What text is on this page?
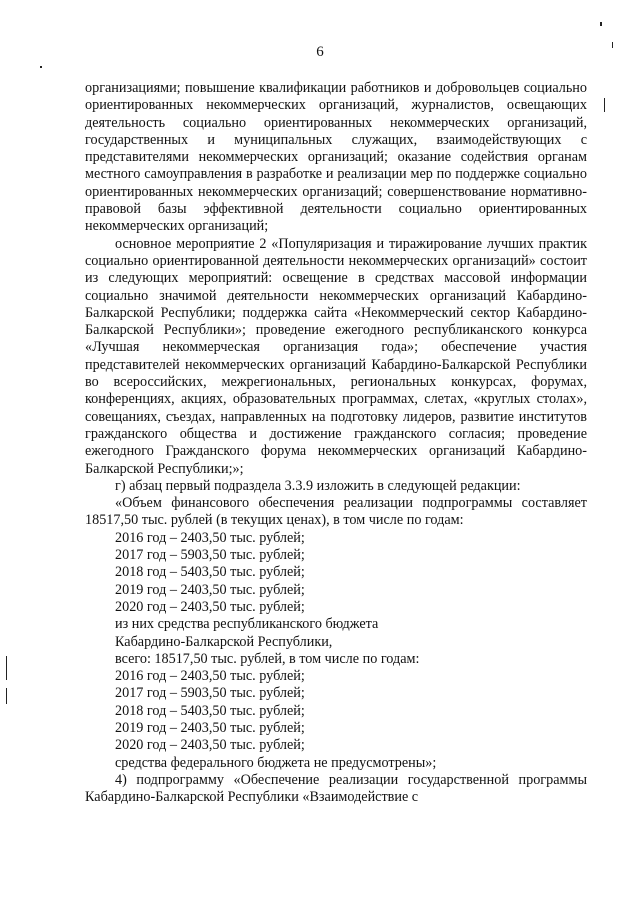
6

организациями; повышение квалификации работников и добровольцев социально ориентированных некоммерческих организаций, журналистов, освещающих деятельность социально ориентированных некоммерческих организаций, государственных и муниципальных служащих, взаимодействующих с представителями некоммерческих организаций; оказание содействия органам местного самоуправления в разработке и реализации мер по поддержке социально ориентированных некоммерческих организаций; совершенствование нормативно-правовой базы эффективной деятельности социально ориентированных некоммерческих организаций;

основное мероприятие 2 «Популяризация и тиражирование лучших практик социально ориентированной деятельности некоммерческих организаций» состоит из следующих мероприятий: освещение в средствах массовой информации социально значимой деятельности некоммерческих организаций Кабардино-Балкарской Республики; поддержка сайта «Некоммерческий сектор Кабардино-Балкарской Республики»; проведение ежегодного республиканского конкурса «Лучшая некоммерческая организация года»; обеспечение участия представителей некоммерческих организаций Кабардино-Балкарской Республики во всероссийских, межрегиональных, региональных конкурсах, форумах, конференциях, акциях, образовательных программах, слетах, «круглых столах», совещаниях, съездах, направленных на подготовку лидеров, развитие институтов гражданского общества и достижение гражданского согласия; проведение ежегодного Гражданского форума некоммерческих организаций Кабардино-Балкарской Республики;»;

г) абзац первый подраздела 3.3.9 изложить в следующей редакции:

«Объем финансового обеспечения реализации подпрограммы составляет 18517,50 тыс. рублей (в текущих ценах), в том числе по годам:

2016 год – 2403,50 тыс. рублей;
2017 год – 5903,50 тыс. рублей;
2018 год – 5403,50 тыс. рублей;
2019 год – 2403,50 тыс. рублей;
2020 год – 2403,50 тыс. рублей;
из них средства республиканского бюджета
Кабардино-Балкарской Республики,
всего: 18517,50 тыс. рублей, в том числе по годам:
2016 год – 2403,50 тыс. рублей;
2017 год – 5903,50 тыс. рублей;
2018 год – 5403,50 тыс. рублей;
2019 год – 2403,50 тыс. рублей;
2020 год – 2403,50 тыс. рублей;
средства федерального бюджета не предусмотрены»;

4) подпрограмму «Обеспечение реализации государственной программы Кабардино-Балкарской Республики «Взаимодействие с
